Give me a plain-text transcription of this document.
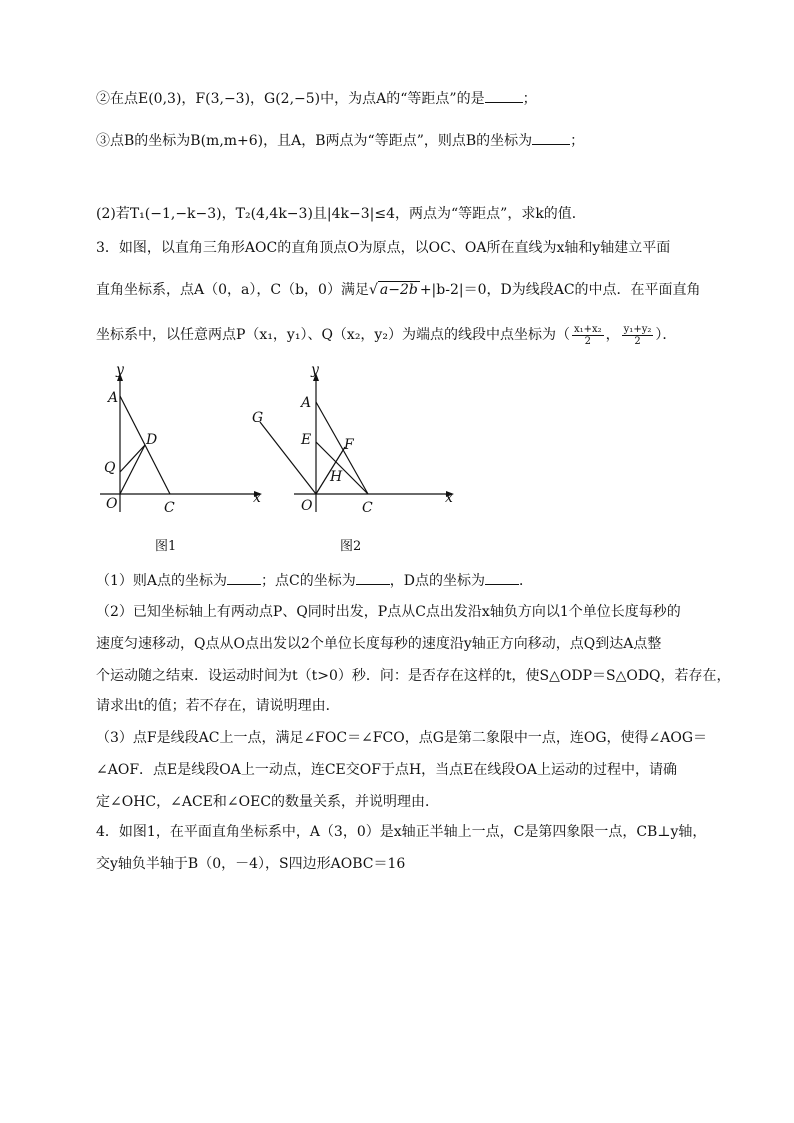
②在点E(0,3)，F(3,−3)，G(2,−5)中，为点A的“等距点”的是	；
③点B的坐标为B(m,m+6)，且A，B两点为“等距点”，则点B的坐标为	；
(2)若T₁(−1,−k−3)，T₂(4,4k−3)且|4k−3|≤4，两点为“等距点”，求k的值．
3．如图，以直角三角形AOC的直角顶点O为原点，以OC、OA所在直线为x轴和y轴建立平面
直角坐标系，点A（0，a），C（b，0）满足√ a−2b +|b-2|＝0，D为线段AC的中点．在平面直角
坐标系中，以任意两点P（x₁，y₁）、Q（x₂，y₂）为端点的线段中点坐标为（ $\frac{\text{x₁+x₂}}{2}$ ， $\frac{\text{y₁+y₂}}{2}$ ）．
y
A
D
Q
O	C
x
图1
y
G
A
E F
H
O	C
x
图2
（1）则A点的坐标为 ；点C的坐标为 ，D点的坐标为 ．
（2）已知坐标轴上有两动点P、Q同时出发，P点从C点出发沿x轴负方向以1个单位长度每秒的
速度匀速移动，Q点从O点出发以2个单位长度每秒的速度沿y轴正方向移动，点Q到达A点整
个运动随之结束．设运动时间为t（t>0）秒．问：是否存在这样的t，使S△ODP＝S△ODQ，若存在，
请求出t的值；若不存在，请说明理由．
（3）点F是线段AC上一点，满足∠FOC＝∠FCO，点G是第二象限中一点，连OG，使得∠AOG＝
∠AOF．点E是线段OA上一动点，连CE交OF于点H，当点E在线段OA上运动的过程中，请确
定∠OHC，∠ACE和∠OEC的数量关系，并说明理由．
4．如图1，在平面直角坐标系中，A（3，0）是x轴正半轴上一点，C是第四象限一点，CB⊥y轴，
交y轴负半轴于B（0，－4），S四边形AOBC＝16
